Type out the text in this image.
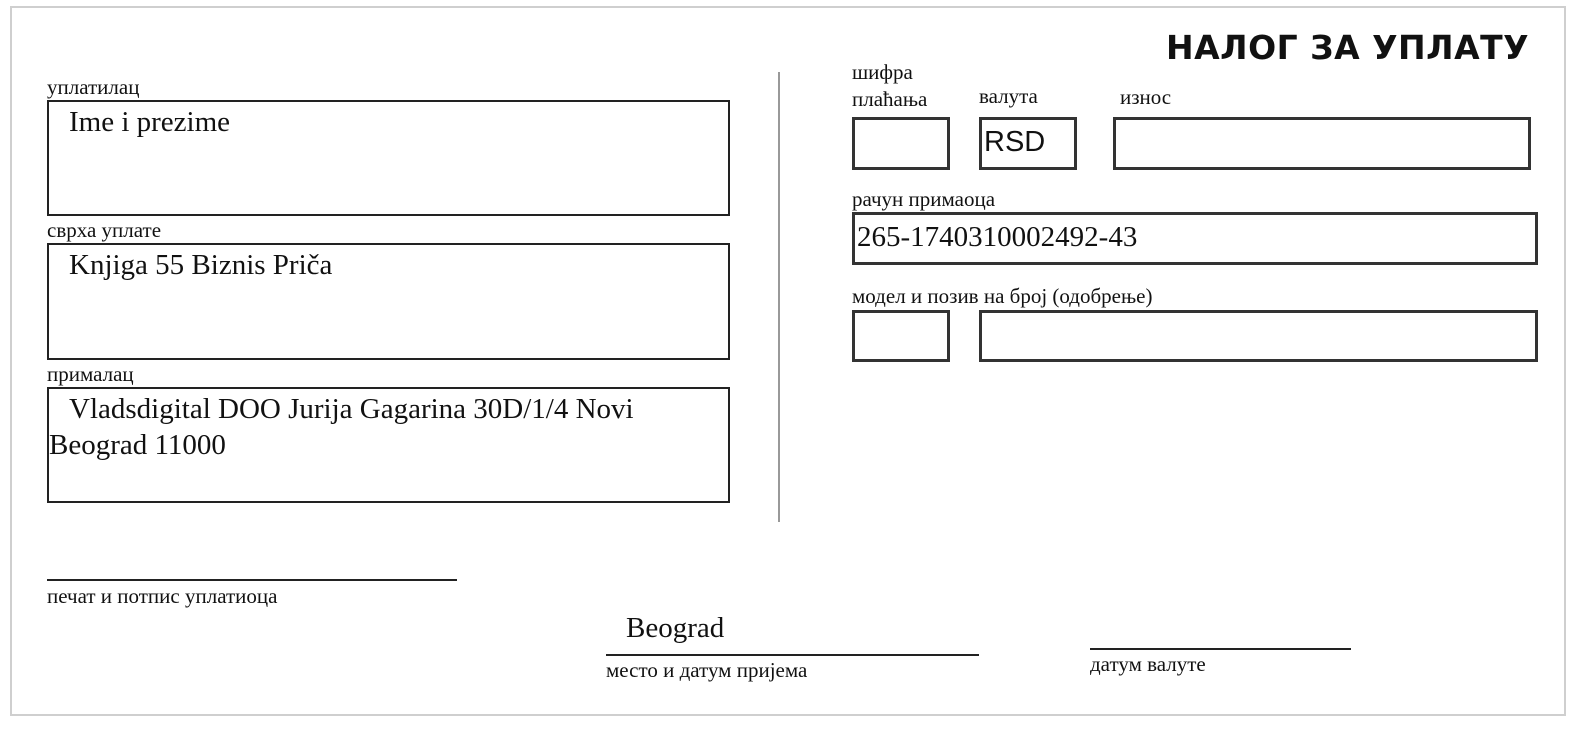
НАЛОГ ЗА УПЛАТУ
уплатилац
Ime i prezime
сврха уплате
Knjiga 55 Biznis Priča
прималац
Vladsdigital DOO Jurija Gagarina 30D/1/4 Novi Beograd 11000
шифра
плаћања валута
RSD
износ
рачун примаоца
265-1740310002492-43
модел и позив на број (одобрење)
печат и потпис уплатиоца
Beograd
место и датум пријема	датум валуте
